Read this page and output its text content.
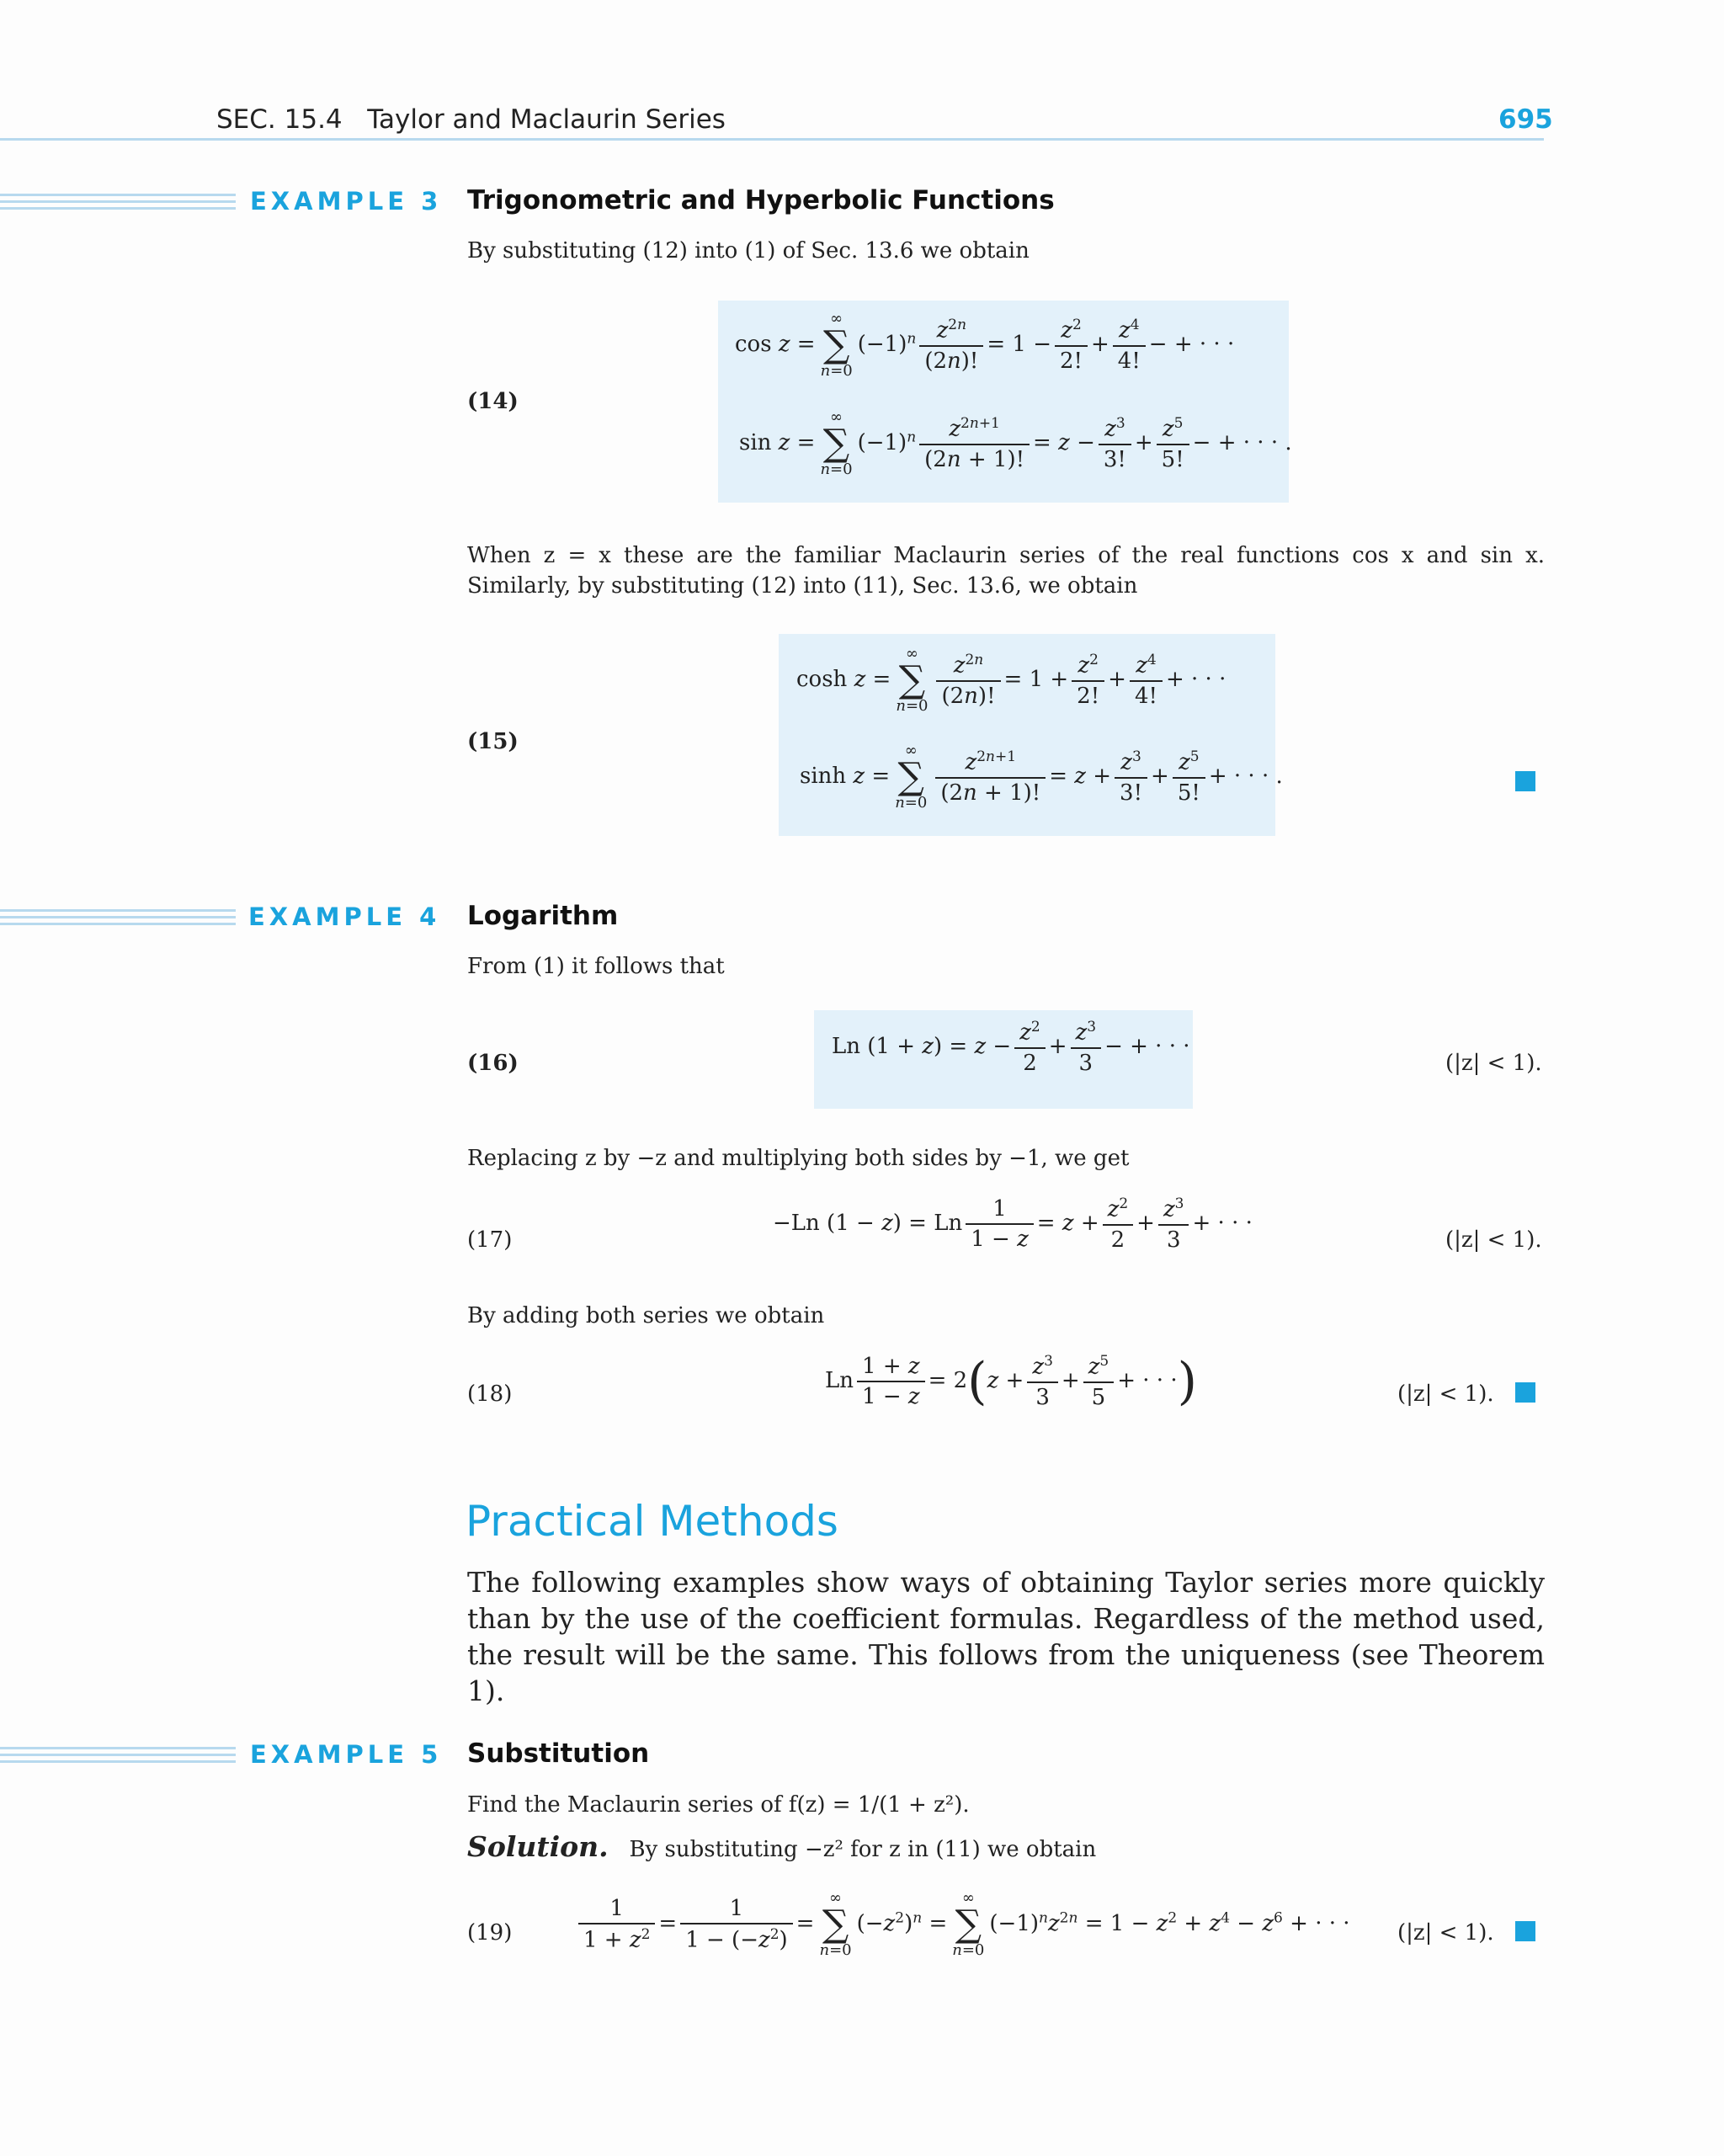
SEC. 15.4 Taylor and Maclaurin Series	695
EXAMPLE 3 Trigonometric and Hyperbolic Functions
By substituting (12) into (1) of Sec. 13.6 we obtain
(14)
cos z =
∞
∑
n=0
$(-1)^n \frac{z^{2n}}{(2n)!} = 1 - \frac{z^2}{2!} + \frac{z^4}{4!}$ − + · · ·
sin z =
∞
∑
n=0
$(-1)^n \frac{z^{2n+1}}{(2n + 1)!} = z - \frac{z^3}{3!} + \frac{z^5}{5!}$ − + · · · .
When z = x these are the familiar Maclaurin series of the real functions cos x and sin x. Similarly, by substituting (12) into (11), Sec. 13.6, we obtain
(15)
cosh z =
∞
∑
$n=0 \frac{z^{2n}}{(2n)!} = 1 + \frac{z^2}{2!} + \frac{z^4}{4!}$ + · · ·
sinh z =
∞
∑
$n=0 \frac{z^{2n+1}}{(2n + 1)!} = z + \frac{z^3}{3!} + \frac{z^5}{5!}$ + · · · .
EXAMPLE 4 Logarithm
From (1) it follows that
(16)
Ln $(1 + z) = z - \frac{z^2}{2} + \frac{z^3}{3}$ − + · · ·
(|z| < 1).
Replacing z by −z and multiplying both sides by −1, we get
(17)
−Ln (1 − z) = Ln $\frac{1}{1 - z} = z + \frac{z^2}{2} + \frac{z^3}{3}$ + · · ·
(|z| < 1).
By adding both series we obtain
(18)
Ln $\frac{1 + z}{1 - z} = 2(z + \frac{z^3}{3} + \frac{z^5}{5}$ + · · ·)	(|z| < 1).
Practical Methods
The following examples show ways of obtaining Taylor series more quickly than by the use of the coefficient formulas. Regardless of the method used, the result will be the same. This follows from the uniqueness (see Theorem 1).
EXAMPLE 5 Substitution
Find the Maclaurin series of f(z) = 1/(1 + z²).
Solution. By substituting −z² for z in (11) we obtain
(19)	$\frac{1}{1 + z^2} = \frac{1}{1 - (-z^2)}$ =
∞
∑
n=0
$(-z^2)^n$ =
∞
∑
n=0
$(-1)^nz^{2n} = 1 - z^2 + z^4 - z^6$ + · · · (|z| < 1).
